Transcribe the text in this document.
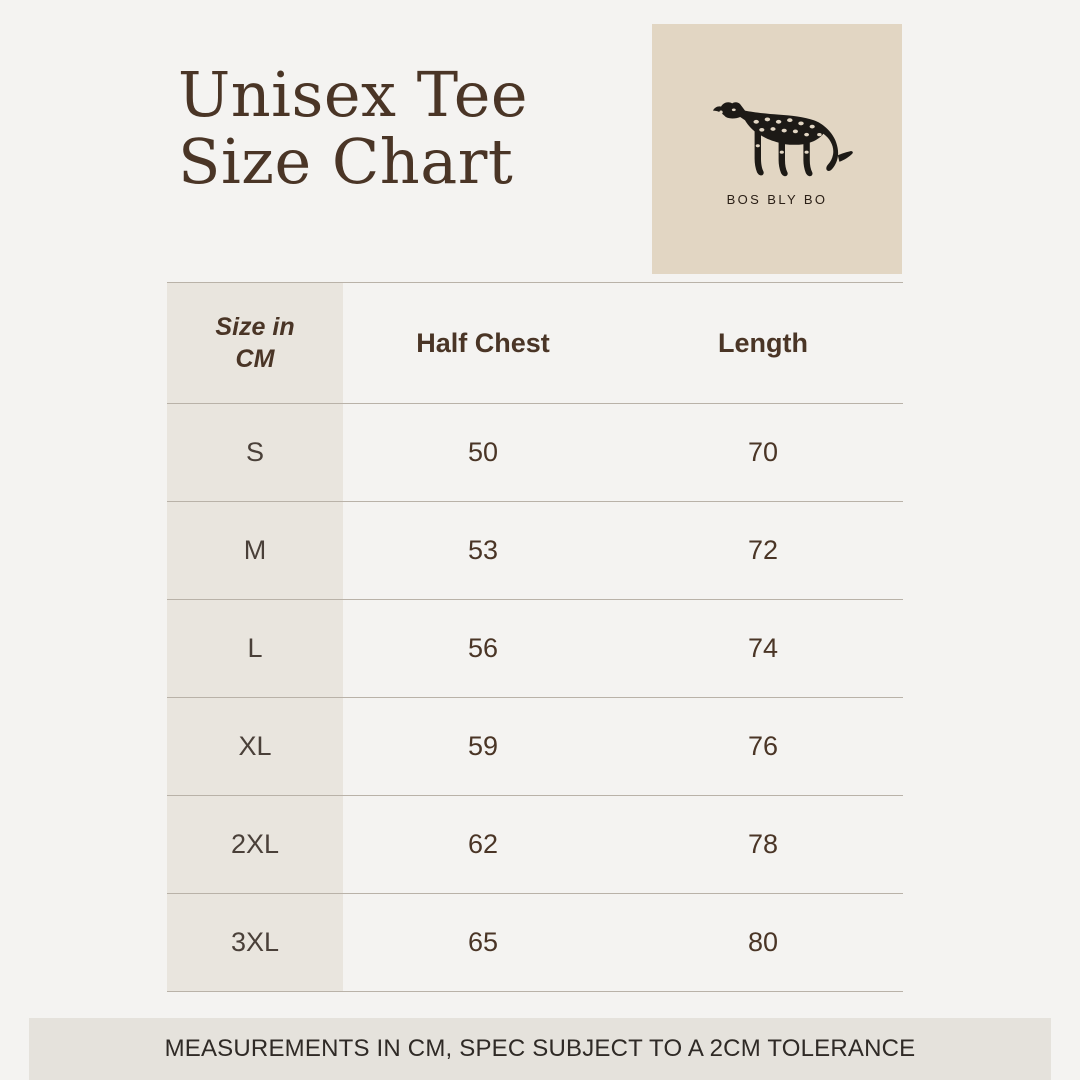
Unisex Tee
Size Chart
BOS BLY BO
Size in
CM	Half Chest	Length
S	50	70
M	53	72
L	56	74
XL	59	76
2XL	62	78
3XL	65	80
MEASUREMENTS IN CM, SPEC SUBJECT TO A 2CM TOLERANCE
